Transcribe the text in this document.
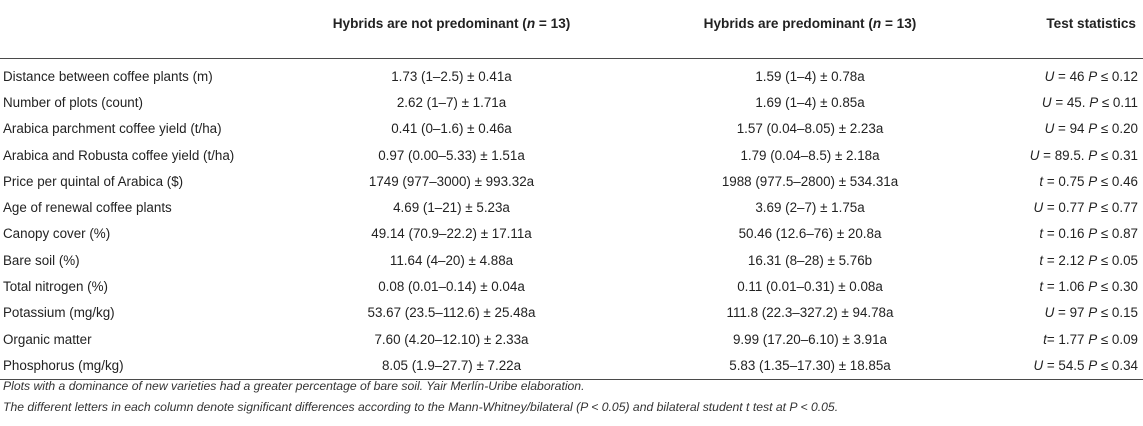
	Hybrids are not predominant (n = 13)	Hybrids are predominant (n = 13)	Test statistics
Distance between coffee plants (m)	1.73 (1–2.5) ± 0.41a	1.59 (1–4) ± 0.78a	U = 46 P ≤ 0.12
Number of plots (count)	2.62 (1–7) ± 1.71a	1.69 (1–4) ± 0.85a	U = 45. P ≤ 0.11
Arabica parchment coffee yield (t/ha)	0.41 (0–1.6) ± 0.46a	1.57 (0.04–8.05) ± 2.23a	U = 94 P ≤ 0.20
Arabica and Robusta coffee yield (t/ha)	0.97 (0.00–5.33) ± 1.51a	1.79 (0.04–8.5) ± 2.18a	U = 89.5. P ≤ 0.31
Price per quintal of Arabica ($)	1749 (977–3000) ± 993.32a	1988 (977.5–2800) ± 534.31a	t = 0.75 P ≤ 0.46
Age of renewal coffee plants	4.69 (1–21) ± 5.23a	3.69 (2–7) ± 1.75a	U = 0.77 P ≤ 0.77
Canopy cover (%)	49.14 (70.9–22.2) ± 17.11a	50.46 (12.6–76) ± 20.8a	t = 0.16 P ≤ 0.87
Bare soil (%)	11.64 (4–20) ± 4.88a	16.31 (8–28) ± 5.76b	t = 2.12 P ≤ 0.05
Total nitrogen (%)	0.08 (0.01–0.14) ± 0.04a	0.11 (0.01–0.31) ± 0.08a	t = 1.06 P ≤ 0.30
Potassium (mg/kg)	53.67 (23.5–112.6) ± 25.48a	111.8 (22.3–327.2) ± 94.78a	U = 97 P ≤ 0.15
Organic matter	7.60 (4.20–12.10) ± 2.33a	9.99 (17.20–6.10) ± 3.91a	t= 1.77 P ≤ 0.09
Phosphorus (mg/kg)	8.05 (1.9–27.7) ± 7.22a	5.83 (1.35–17.30) ± 18.85a	U = 54.5 P ≤ 0.34
Plots with a dominance of new varieties had a greater percentage of bare soil. Yair Merlín-Uribe elaboration.
The different letters in each column denote significant differences according to the Mann-Whitney/bilateral (P < 0.05) and bilateral student t test at P < 0.05.
